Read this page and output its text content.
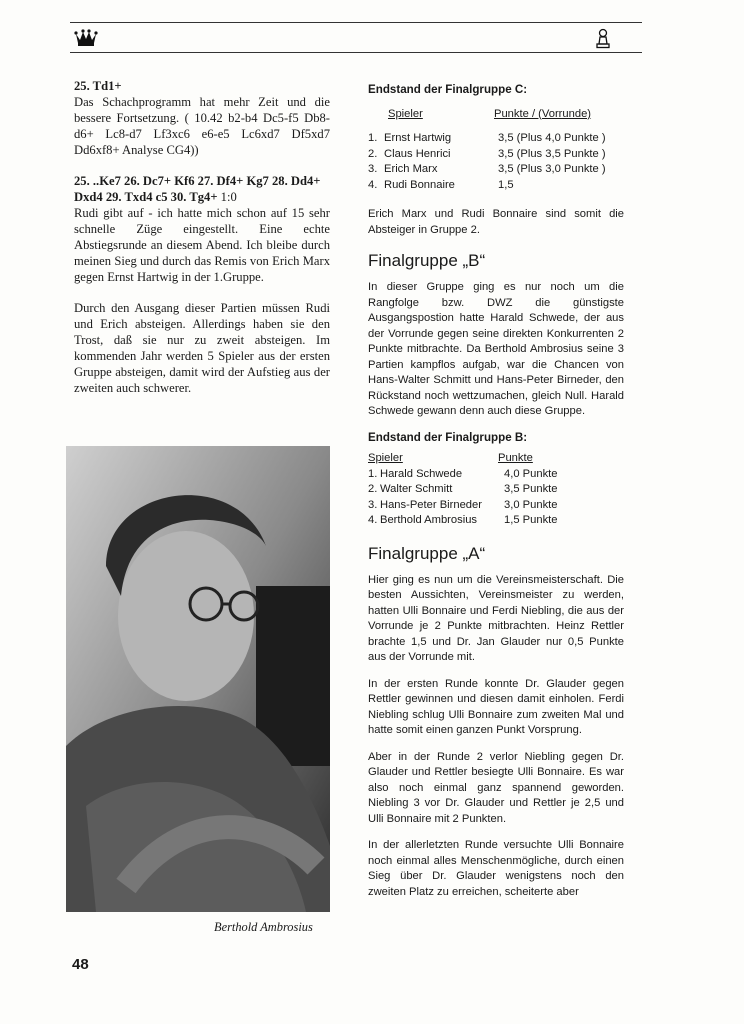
25. Td1+

Das Schachprogramm hat mehr Zeit und die bessere Fortsetzung. ( 10.42 b2-b4 Dc5-f5 Db8-d6+ Lc8-d7 Lf3xc6 e6-e5 Lc6xd7 Df5xd7 Dd6xf8+ Analyse CG4))

25. ..Ke7 26. Dc7+ Kf6 27. Df4+ Kg7 28. Dd4+

Dxd4 29. Txd4 c5 30. Tg4+ 1:0

Rudi gibt auf - ich hatte mich schon auf 15 sehr schnelle Züge eingestellt. Eine echte Abstiegsrunde an diesem Abend. Ich bleibe durch meinen Sieg und durch das Remis von Erich Marx gegen Ernst Hartwig in der 1.Gruppe.

Durch den Ausgang dieser Partien müssen Rudi und Erich absteigen. Allerdings haben sie den Trost, daß sie nur zu zweit absteigen. Im kommenden Jahr werden 5 Spieler aus der ersten Gruppe absteigen, damit wird der Aufstieg aus der zweiten auch schwerer.

Berthold Ambrosius
48
Endstand der Finalgruppe C:
Spieler	Punkte / (Vorrunde)
1. Ernst Hartwig	3,5 (Plus 4,0 Punkte )
2. Claus Henrici	3,5 (Plus 3,5 Punkte )
3. Erich Marx	3,5 (Plus 3,0 Punkte )
4. Rudi Bonnaire	1,5

Erich Marx und Rudi Bonnaire sind somit die Absteiger in Gruppe 2.

Finalgruppe „B“

In dieser Gruppe ging es nur noch um die Rangfolge bzw. DWZ die günstigste Ausgangspostion hatte Harald Schwede, der aus der Vorrunde gegen seine direkten Konkurrenten 2 Punkte mitbrachte. Da Berthold Ambrosius seine 3 Partien kampflos aufgab, war die Chancen von Hans-Walter Schmitt und Hans-Peter Birneder, den Rückstand noch wettzumachen, gleich Null. Harald Schwede gewann denn auch diese Gruppe.

Endstand der Finalgruppe B:
Spieler	Punkte
1. Harald Schwede	4,0 Punkte
2. Walter Schmitt	3,5 Punkte
3. Hans-Peter Birneder	3,0 Punkte
4. Berthold Ambrosius	1,5 Punkte
Finalgruppe „A“

Hier ging es nun um die Vereinsmeisterschaft. Die besten Aussichten, Vereinsmeister zu werden, hatten Ulli Bonnaire und Ferdi Niebling, die aus der Vorrunde je 2 Punkte mitbrachten. Heinz Rettler brachte 1,5 und Dr. Jan Glauder nur 0,5 Punkte aus der Vorrunde mit.

In der ersten Runde konnte Dr. Glauder gegen Rettler gewinnen und diesen damit einholen. Ferdi Niebling schlug Ulli Bonnaire zum zweiten Mal und hatte somit einen ganzen Punkt Vorsprung.

Aber in der Runde 2 verlor Niebling gegen Dr. Glauder und Rettler besiegte Ulli Bonnaire. Es war also noch einmal ganz spannend geworden. Niebling 3 vor Dr. Glauder und Rettler je 2,5 und Ulli Bonnaire mit 2 Punkten.

In der allerletzten Runde versuchte Ulli Bonnaire noch einmal alles Menschenmögliche, durch einen Sieg über Dr. Glauder wenigstens noch den zweiten Platz zu erreichen, scheiterte aber
